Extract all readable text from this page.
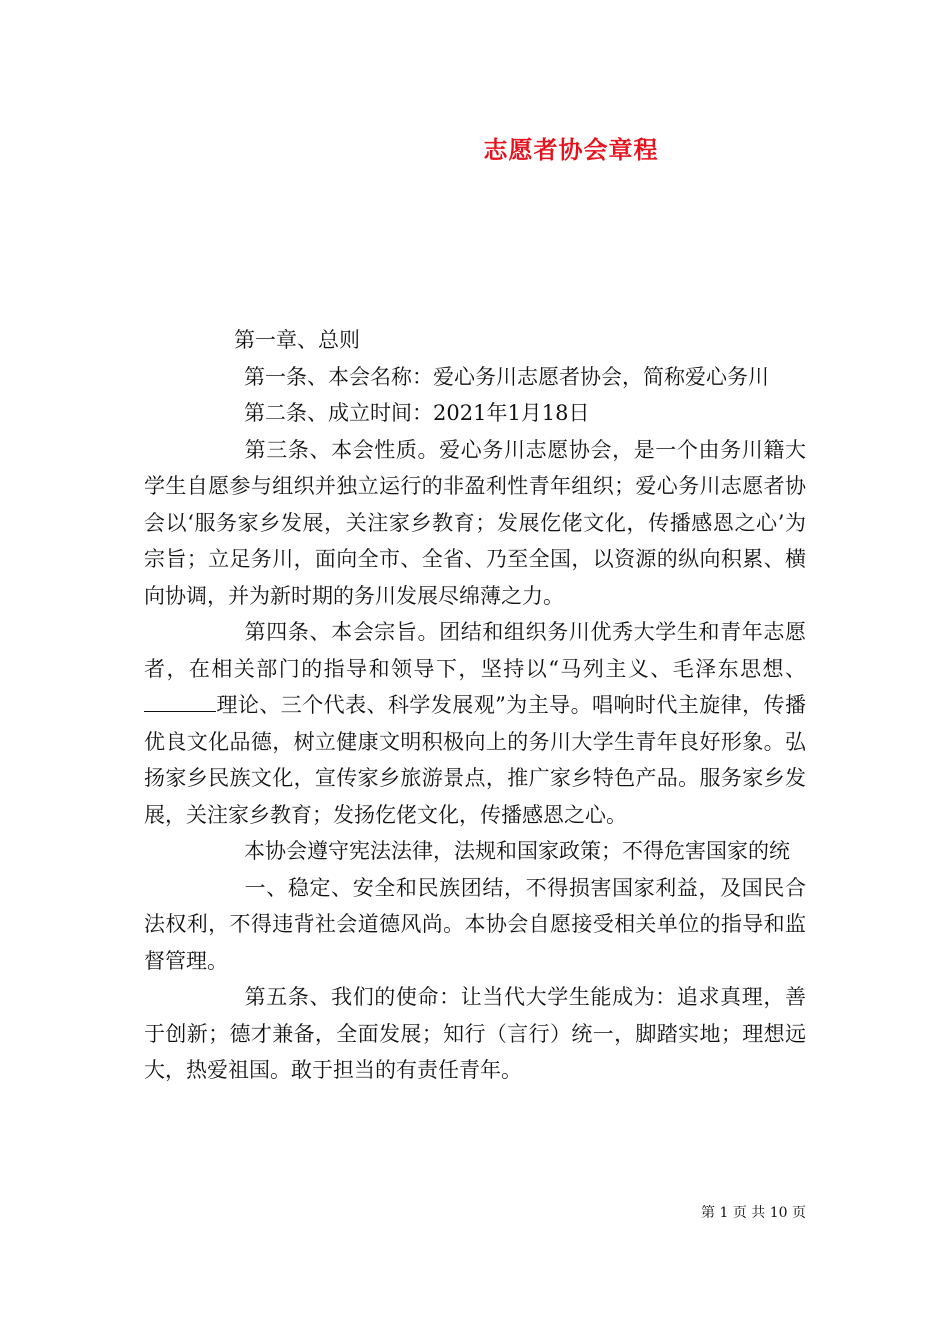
志愿者协会章程
第一章、总则
第一条、本会名称：爱心务川志愿者协会，简称爱心务川
第二条、成立时间：2021年1月18日

第三条、本会性质。爱心务川志愿协会，是一个由务川籍大学生自愿参与组织并独立运行的非盈利性青年组织；爱心务川志愿者协会以‘服务家乡发展，关注家乡教育；发展仡佬文化，传播感恩之心’为宗旨；立足务川，面向全市、全省、乃至全国，以资源的纵向积累、横向协调，并为新时期的务川发展尽绵薄之力。

第四条、本会宗旨。团结和组织务川优秀大学生和青年志愿者，在相关部门的指导和领导下，坚持以“马列主义、毛泽东思想、理论、三个代表、科学发展观”为主导。唱响时代主旋律，传播优良文化品德，树立健康文明积极向上的务川大学生青年良好形象。弘扬家乡民族文化，宣传家乡旅游景点，推广家乡特色产品。服务家乡发展，关注家乡教育；发扬仡佬文化，传播感恩之心。

本协会遵守宪法法律，法规和国家政策；不得危害国家的统

一、稳定、安全和民族团结，不得损害国家利益，及国民合法权利，不得违背社会道德风尚。本协会自愿接受相关单位的指导和监督管理。

第五条、我们的使命：让当代大学生能成为：追求真理，善于创新；德才兼备，全面发展；知行（言行）统一，脚踏实地；理想远大，热爱祖国。敢于担当的有责任青年。

第 1 页 共 10 页
